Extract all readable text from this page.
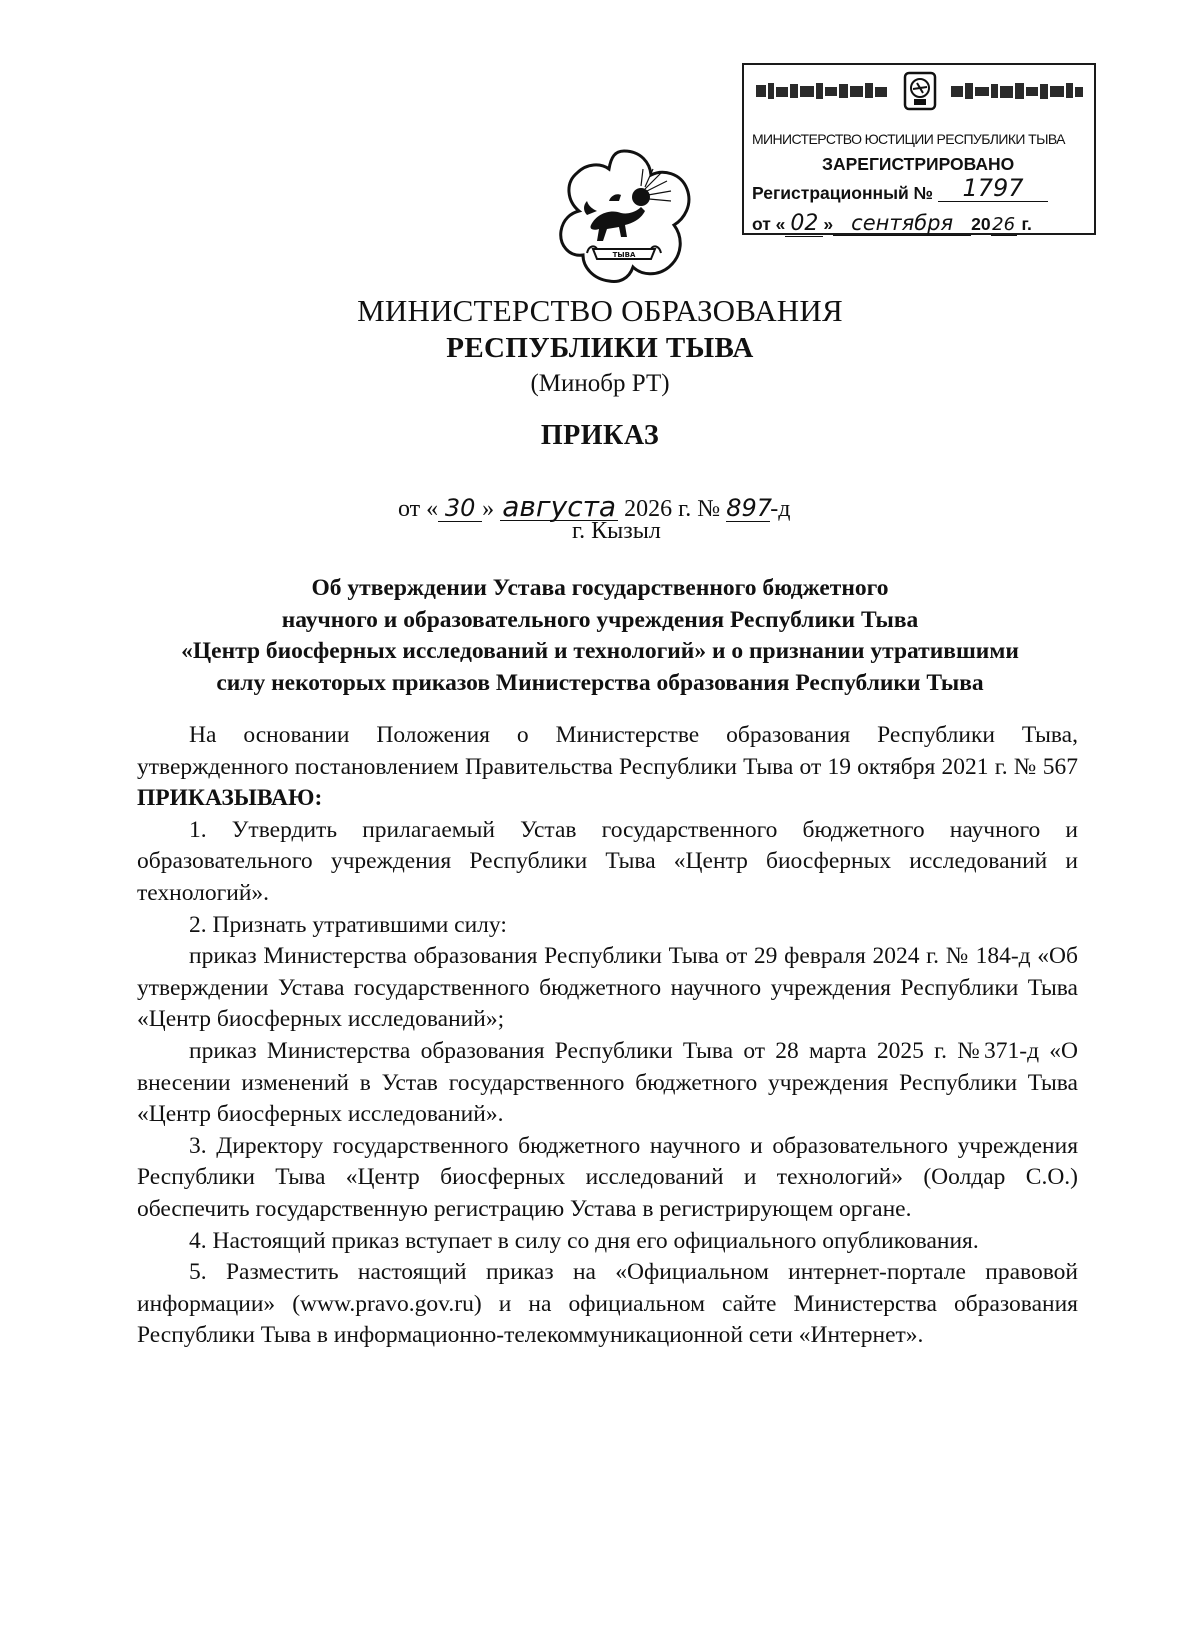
МИНИСТЕРСТВО ЮСТИЦИИ РЕСПУБЛИКИ ТЫВА
ЗАРЕГИСТРИРОВАНО
Регистрационный №	1797
от « 02 » сентября 2026 г.
ТЫВА
МИНИСТЕРСТВО ОБРАЗОВАНИЯ
РЕСПУБЛИКИ ТЫВА
(Минобр РТ)
ПРИКАЗ
от « 30 » августа 2026 г. № 897-д
г. Кызыл
Об утверждении Устава государственного бюджетного
научного и образовательного учреждения Республики Тыва
«Центр биосферных исследований и технологий» и о признании утратившими
силу некоторых приказов Министерства образования Республики Тыва

На основании Положения о Министерстве образования Республики Тыва, утвержденного постановлением Правительства Республики Тыва от 19 октября 2021 г. № 567 ПРИКАЗЫВАЮ:

1. Утвердить прилагаемый Устав государственного бюджетного научного и образовательного учреждения Республики Тыва «Центр биосферных исследований и технологий».

2. Признать утратившими силу:

приказ Министерства образования Республики Тыва от 29 февраля 2024 г. № 184-д «Об утверждении Устава государственного бюджетного научного учреждения Республики Тыва «Центр биосферных исследований»;

приказ Министерства образования Республики Тыва от 28 марта 2025 г. №371-д «О внесении изменений в Устав государственного бюджетного учреждения Республики Тыва «Центр биосферных исследований».

3. Директору государственного бюджетного научного и образовательного учреждения Республики Тыва «Центр биосферных исследований и технологий» (Оолдар С.О.) обеспечить государственную регистрацию Устава в регистрирующем органе.

4. Настоящий приказ вступает в силу со дня его официального опубликования.

5. Разместить настоящий приказ на «Официальном интернет-портале правовой информации» (www.pravo.gov.ru) и на официальном сайте Министерства образования Республики Тыва в информационно-телекоммуникационной сети «Интернет».
